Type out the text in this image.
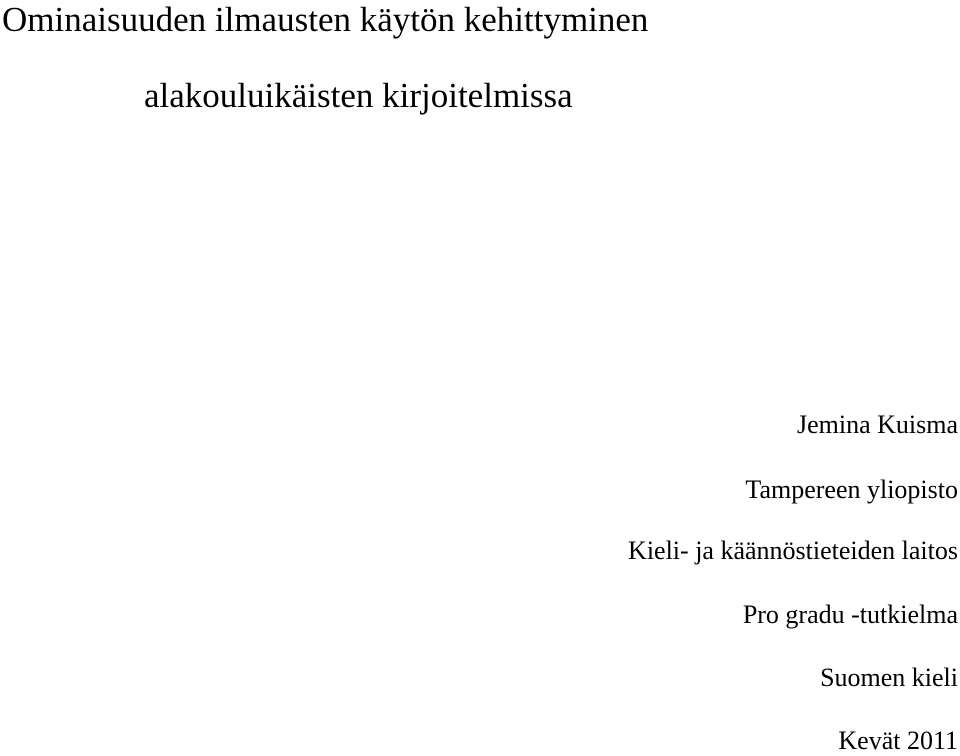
Ominaisuuden ilmausten käytön kehittyminen
alakouluikäisten kirjoitelmissa
Jemina Kuisma
Tampereen yliopisto
Kieli- ja käännöstieteiden laitos
Pro gradu -tutkielma
Suomen kieli
Kevät 2011
